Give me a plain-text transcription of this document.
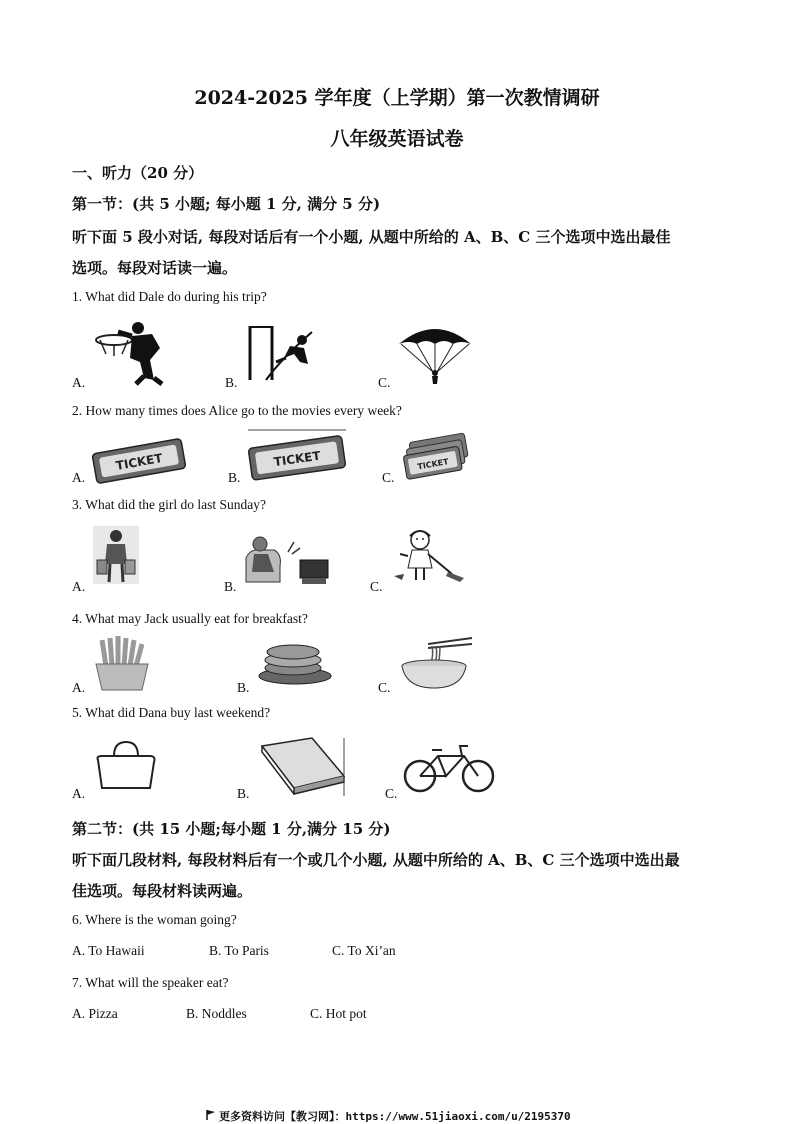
2024-2025 学年度（上学期）第一次教情调研
八年级英语试卷
一、听力（20 分）
第一节：(共 5 小题; 每小题 1 分, 满分 5 分)
听下面 5 段小对话, 每段对话后有一个小题, 从题中所给的 A、B、C 三个选项中选出最佳
选项。每段对话读一遍。
1. What did Dale do during his trip?
A.	B.	C.
2. How many times does Alice go to the movies every week?
A.	B.	C.
TICKET	TICKET	TICKET
3. What did the girl do last Sunday?
A.	B.	C.
4. What may Jack usually eat for breakfast?
A.	B.	C.
5. What did Dana buy last weekend?
A.	B.	C.
第二节：(共 15 小题;每小题 1 分,满分 15 分)
听下面几段材料, 每段材料后有一个或几个小题, 从题中所给的 A、B、C 三个选项中选出最
佳选项。每段材料读两遍。
6. Where is the woman going?
A. To Hawaii	B. To Paris	C. To Xi’an
7. What will the speaker eat?
A. Pizza	B. Noddles	C. Hot pot
更多资料访问【教习网】：https://www.51jiaoxi.com/u/2195370
